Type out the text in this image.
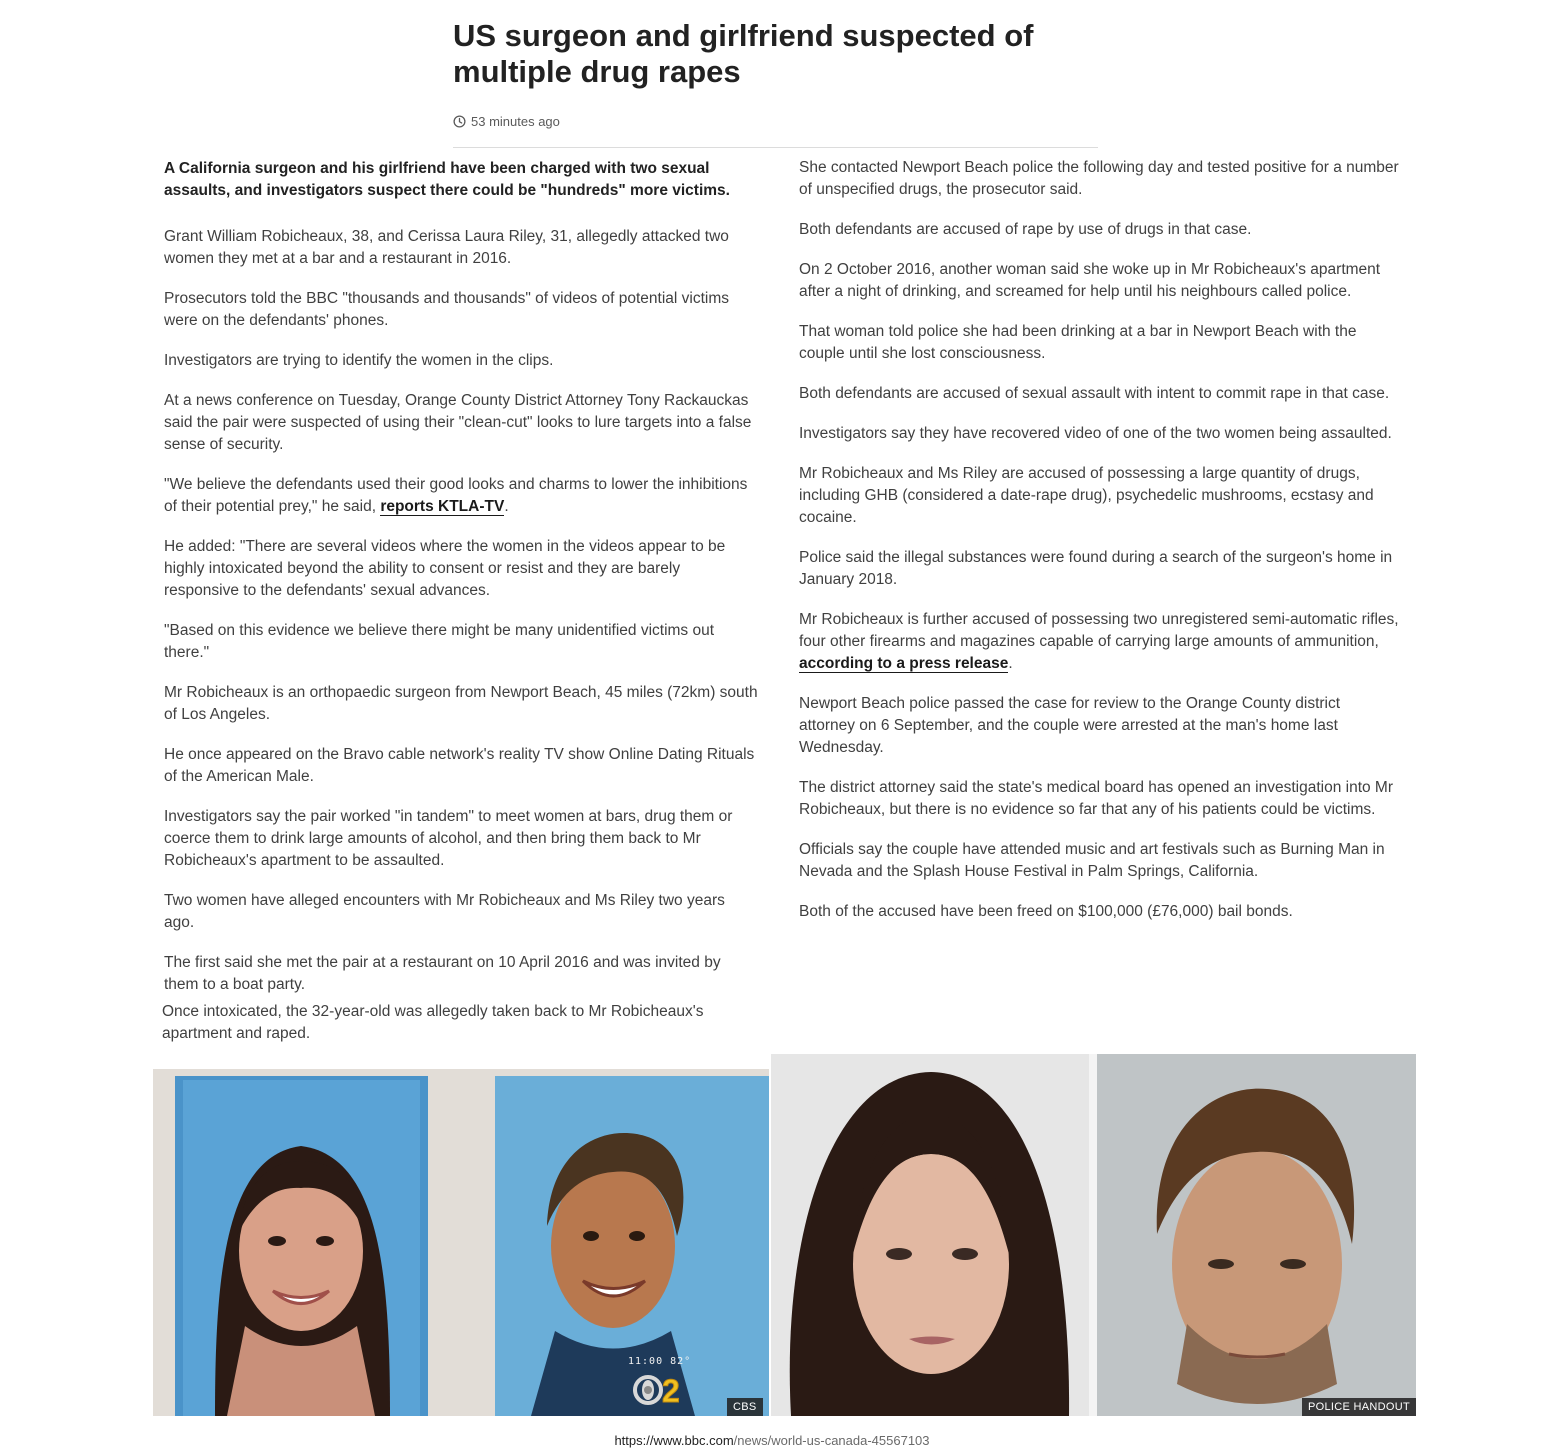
US surgeon and girlfriend suspected of multiple drug rapes
53 minutes ago

A California surgeon and his girlfriend have been charged with two sexual assaults, and investigators suspect there could be "hundreds" more victims.

Grant William Robicheaux, 38, and Cerissa Laura Riley, 31, allegedly attacked two women they met at a bar and a restaurant in 2016.

Prosecutors told the BBC "thousands and thousands" of videos of potential victims were on the defendants' phones.

Investigators are trying to identify the women in the clips.

At a news conference on Tuesday, Orange County District Attorney Tony Rackauckas said the pair were suspected of using their "clean-cut" looks to lure targets into a false sense of security.

"We believe the defendants used their good looks and charms to lower the inhibitions of their potential prey," he said, reports KTLA-TV.

He added: "There are several videos where the women in the videos appear to be highly intoxicated beyond the ability to consent or resist and they are barely responsive to the defendants' sexual advances.

"Based on this evidence we believe there might be many unidentified victims out there."

Mr Robicheaux is an orthopaedic surgeon from Newport Beach, 45 miles (72km) south of Los Angeles.

He once appeared on the Bravo cable network's reality TV show Online Dating Rituals of the American Male.

Investigators say the pair worked "in tandem" to meet women at bars, drug them or coerce them to drink large amounts of alcohol, and then bring them back to Mr Robicheaux's apartment to be assaulted.

Two women have alleged encounters with Mr Robicheaux and Ms Riley two years ago.

The first said she met the pair at a restaurant on 10 April 2016 and was invited by them to a boat party.

Once intoxicated, the 32-year-old was allegedly taken back to Mr Robicheaux's apartment and raped.

She contacted Newport Beach police the following day and tested positive for a number of unspecified drugs, the prosecutor said.

Both defendants are accused of rape by use of drugs in that case.

On 2 October 2016, another woman said she woke up in Mr Robicheaux's apartment after a night of drinking, and screamed for help until his neighbours called police.

That woman told police she had been drinking at a bar in Newport Beach with the couple until she lost consciousness.

Both defendants are accused of sexual assault with intent to commit rape in that case.

Investigators say they have recovered video of one of the two women being assaulted.

Mr Robicheaux and Ms Riley are accused of possessing a large quantity of drugs, including GHB (considered a date-rape drug), psychedelic mushrooms, ecstasy and cocaine.

Police said the illegal substances were found during a search of the surgeon's home in January 2018.

Mr Robicheaux is further accused of possessing two unregistered semi-automatic rifles, four other firearms and magazines capable of carrying large amounts of ammunition, according to a press release.

Newport Beach police passed the case for review to the Orange County district attorney on 6 September, and the couple were arrested at the man's home last Wednesday.

The district attorney said the state's medical board has opened an investigation into Mr Robicheaux, but there is no evidence so far that any of his patients could be victims.

Officials say the couple have attended music and art festivals such as Burning Man in Nevada and the Splash House Festival in Palm Springs, California.

Both of the accused have been freed on $100,000 (£76,000) bail bonds.

11:00 82°
2	CBS	POLICE HANDOUT
https://www.bbc.com/news/world-us-canada-45567103
